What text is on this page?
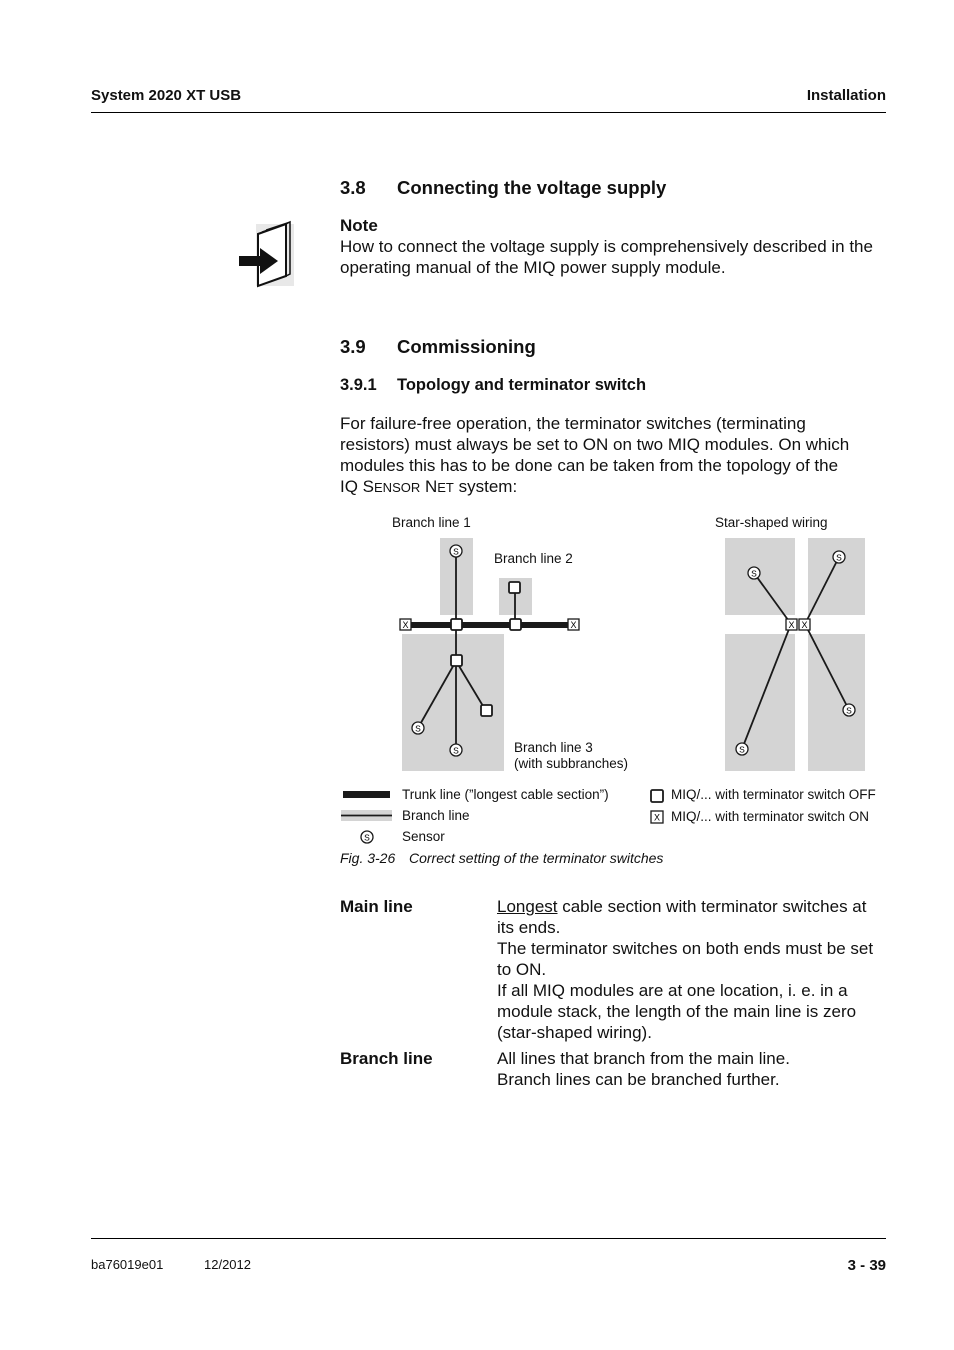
System 2020 XT USB	Installation
3.8 Connecting the voltage supply
Note
How to connect the voltage supply is comprehensively described in the operating manual of the MIQ power supply module.
3.9 Commissioning
3.9.1 Topology and terminator switch
For failure-free operation, the terminator switches (terminating resistors) must always be set to ON on two MIQ modules. On which modules this has to be done can be taken from the topology of the
IQ SENSOR NET system:
Branch line 1
Branch line 2
Branch line 3
(with subbranches)
Star-shaped wiring
X	X	X X
S
S
S
S
S
S
S
S
Trunk line (”longest cable section”)
Branch line
Sensor
X
MIQ/... with terminator switch OFF
MIQ/... with terminator switch ON
Fig. 3-26 Correct setting of the terminator switches
Main line	Longest cable section with terminator switches at its ends.
The terminator switches on both ends must be set to ON.
If all MIQ modules are at one location, i. e. in a module stack, the length of the main line is zero (star-shaped wiring).
Branch line	All lines that branch from the main line.
Branch lines can be branched further.
ba76019e01	12/2012	3 - 39
